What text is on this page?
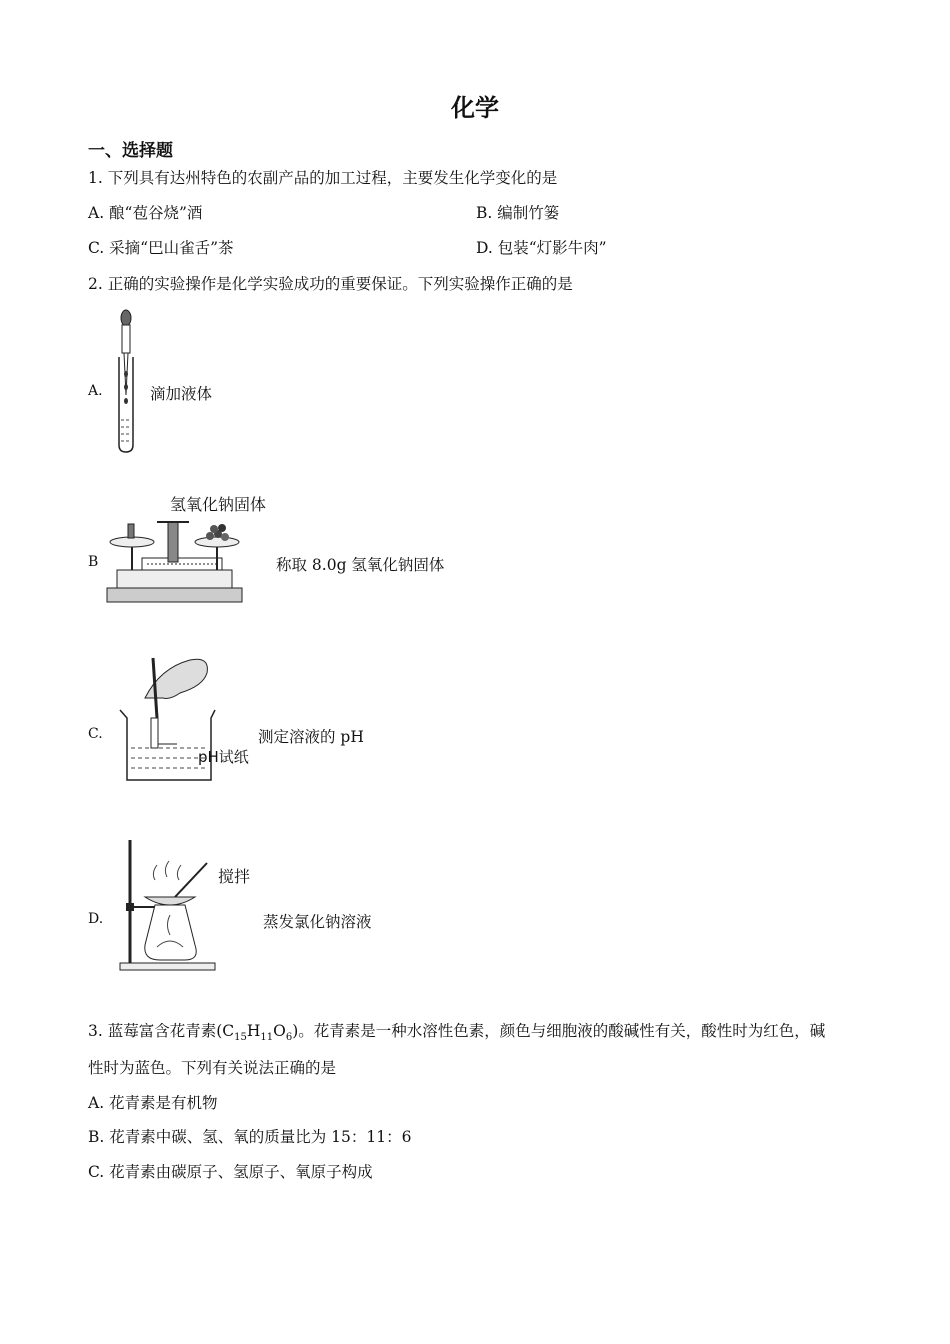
化学
一、选择题
1. 下列具有达州特色的农副产品的加工过程，主要发生化学变化的是
A. 酿“苞谷烧”酒	B. 编制竹篓
C. 采摘“巴山雀舌”茶	D. 包装“灯影牛肉”
2. 正确的实验操作是化学实验成功的重要保证。下列实验操作正确的是
A.	滴加液体
B
氢氧化钠固体
称取 8.0g 氢氧化钠固体
C.
pH试纸
测定溶液的 pH
D.
搅拌
蒸发氯化钠溶液
3. 蓝莓富含花青素$(C_{15}H_{11}O_6)$。花青素是一种水溶性色素，颜色与细胞液的酸碱性有关，酸性时为红色，碱
性时为蓝色。下列有关说法正确的是
A. 花青素是有机物
B. 花青素中碳、氢、氧的质量比为 15：11：6
C. 花青素由碳原子、氢原子、氧原子构成
